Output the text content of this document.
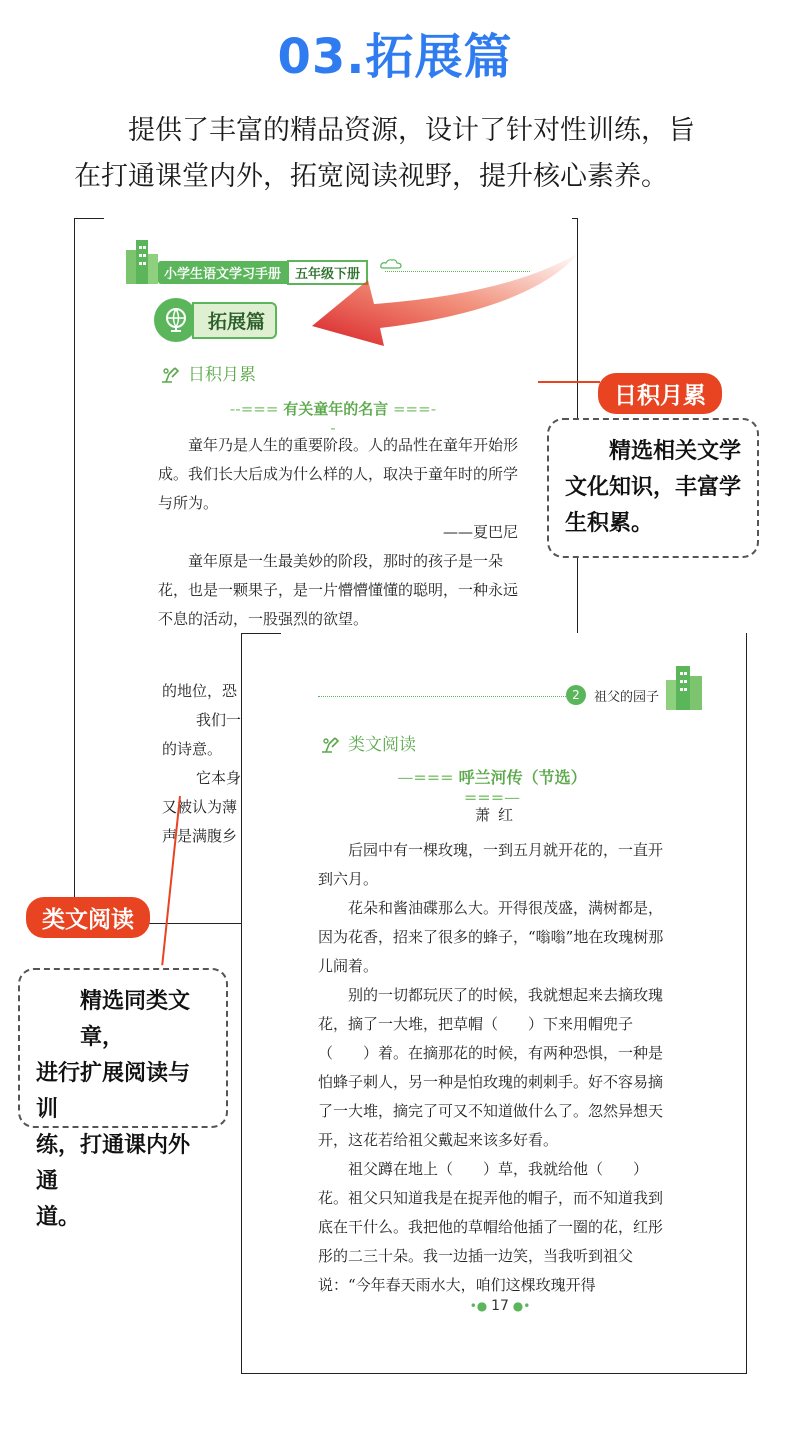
03.拓展篇
提供了丰富的精品资源，设计了针对性训练，旨
在打通课堂内外，拓宽阅读视野，提升核心素养。
小学生语文学习手册	五年级下册
拓展篇
日积月累
--=== 有关童年的名言 ===--

童年乃是人生的重要阶段。人的品性在童年开始形成。我们长大后成为什么样的人，取决于童年时的所学与所为。

——夏巴尼

童年原是一生最美妙的阶段，那时的孩子是一朵花，也是一颗果子，是一片懵懵懂懂的聪明，一种永远不息的活动，一股强烈的欲望。

的地位，恐
我们一
的诗意。
它本身
又被认为薄
声是满腹乡
日积月累
精选相关文学
文化知识，丰富学
生积累。
2	祖父的园子
类文阅读
—=== 呼兰河传（节选） ===—
萧红

后园中有一棵玫瑰，一到五月就开花的，一直开到六月。

花朵和酱油碟那么大。开得很茂盛，满树都是，因为花香，招来了很多的蜂子，“嗡嗡”地在玫瑰树那儿闹着。

别的一切都玩厌了的时候，我就想起来去摘玫瑰花，摘了一大堆，把草帽（　　）下来用帽兜子（　　）着。在摘那花的时候，有两种恐惧，一种是怕蜂子刺人，另一种是怕玫瑰的刺刺手。好不容易摘了一大堆，摘完了可又不知道做什么了。忽然异想天开，这花若给祖父戴起来该多好看。

祖父蹲在地上（　　）草，我就给他（　　）花。祖父只知道我是在捉弄他的帽子，而不知道我到底在干什么。我把他的草帽给他插了一圈的花，红彤彤的二三十朵。我一边插一边笑，当我听到祖父说：“今年春天雨水大，咱们这棵玫瑰开得

•● 17 ●•
类文阅读
精选同类文章，
进行扩展阅读与训
练，打通课内外通
道。
